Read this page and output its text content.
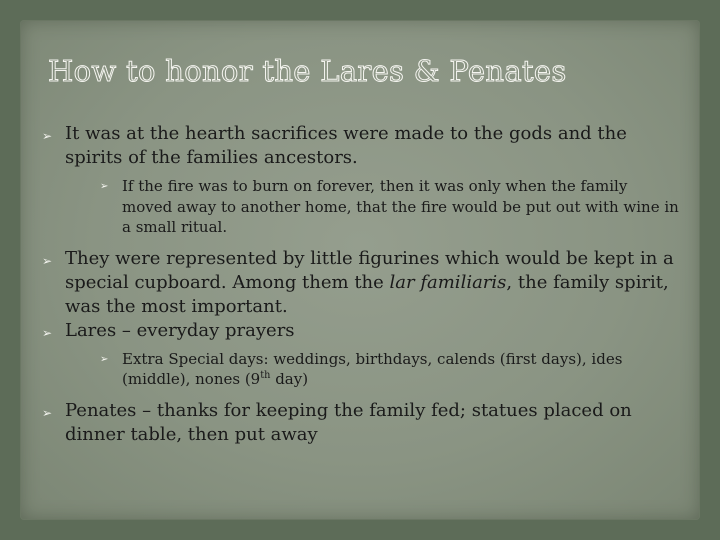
How to honor the Lares & Penates

➢ It was at the hearth sacrifices were made to the gods and the spirits of the families ancestors.

➢ If the fire was to burn on forever, then it was only when the family moved away to another home, that the fire would be put out with wine in a small ritual.

➢ They were represented by little figurines which would be kept in a special cupboard. Among them the lar familiaris, the family spirit, was the most important.

➢ Lares – everyday prayers

➢ Extra Special days: weddings, birthdays, calends (first days), ides (middle), nones (9th day)

➢ Penates – thanks for keeping the family fed; statues placed on dinner table, then put away
